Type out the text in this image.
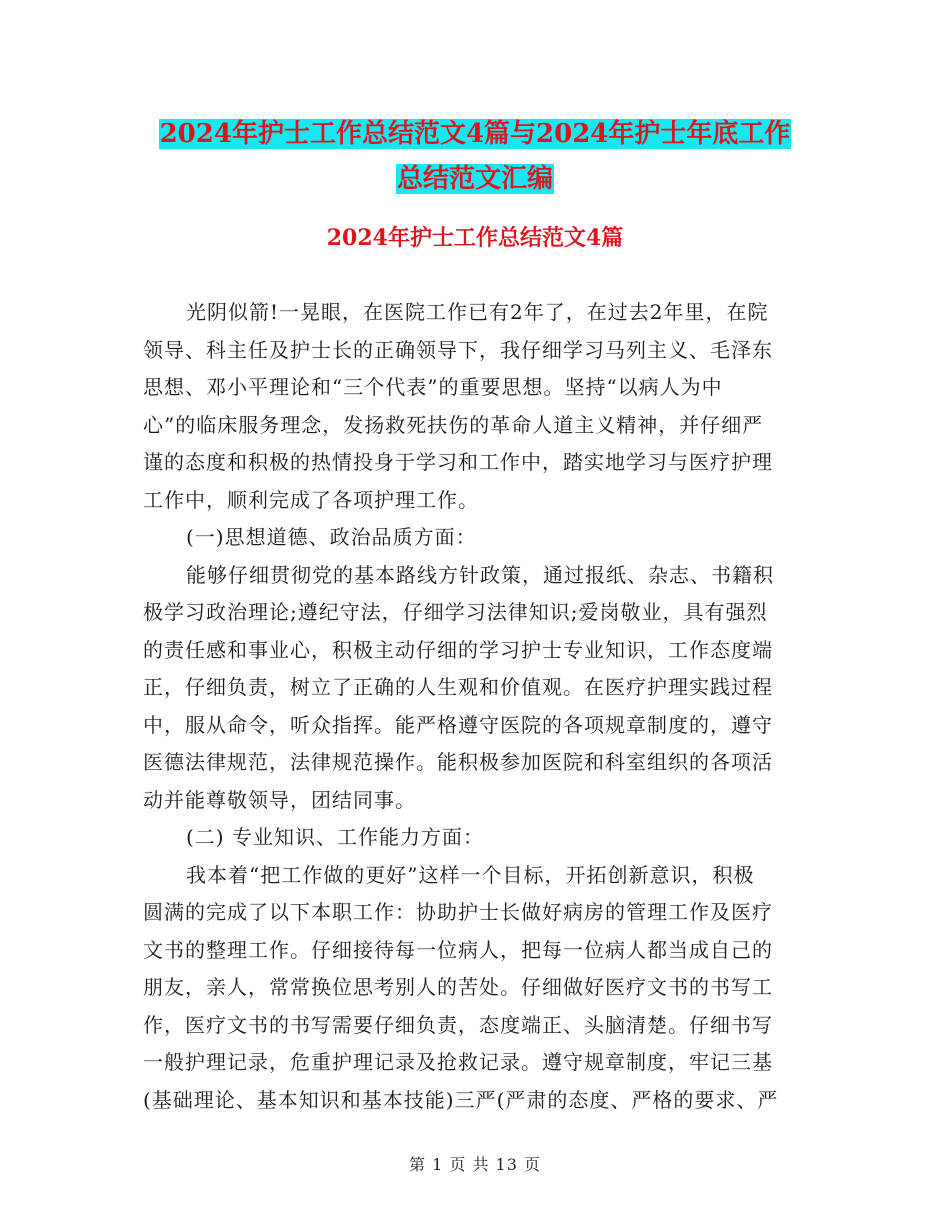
2024年护士工作总结范文4篇与2024年护士年底工作
总结范文汇编
2024年护士工作总结范文4篇
光阴似箭!一晃眼，在医院工作已有2年了，在过去2年里，在院
领导、科主任及护士长的正确领导下，我仔细学习马列主义、毛泽东
思想、邓小平理论和“三个代表”的重要思想。坚持“以病人为中
心”的临床服务理念，发扬救死扶伤的革命人道主义精神，并仔细严
谨的态度和积极的热情投身于学习和工作中，踏实地学习与医疗护理
工作中，顺利完成了各项护理工作。
(一)思想道德、政治品质方面：
能够仔细贯彻党的基本路线方针政策，通过报纸、杂志、书籍积
极学习政治理论;遵纪守法，仔细学习法律知识;爱岗敬业，具有强烈
的责任感和事业心，积极主动仔细的学习护士专业知识，工作态度端
正，仔细负责，树立了正确的人生观和价值观。在医疗护理实践过程
中，服从命令，听众指挥。能严格遵守医院的各项规章制度的，遵守
医德法律规范，法律规范操作。能积极参加医院和科室组织的各项活
动并能尊敬领导，团结同事。
(二) 专业知识、工作能力方面：
我本着“把工作做的更好”这样一个目标，开拓创新意识，积极
圆满的完成了以下本职工作：协助护士长做好病房的管理工作及医疗
文书的整理工作。仔细接待每一位病人，把每一位病人都当成自己的
朋友，亲人，常常换位思考别人的苦处。仔细做好医疗文书的书写工
作，医疗文书的书写需要仔细负责，态度端正、头脑清楚。仔细书写
一般护理记录，危重护理记录及抢救记录。遵守规章制度，牢记三基
(基础理论、基本知识和基本技能)三严(严肃的态度、严格的要求、严
第 1 页 共 13 页
